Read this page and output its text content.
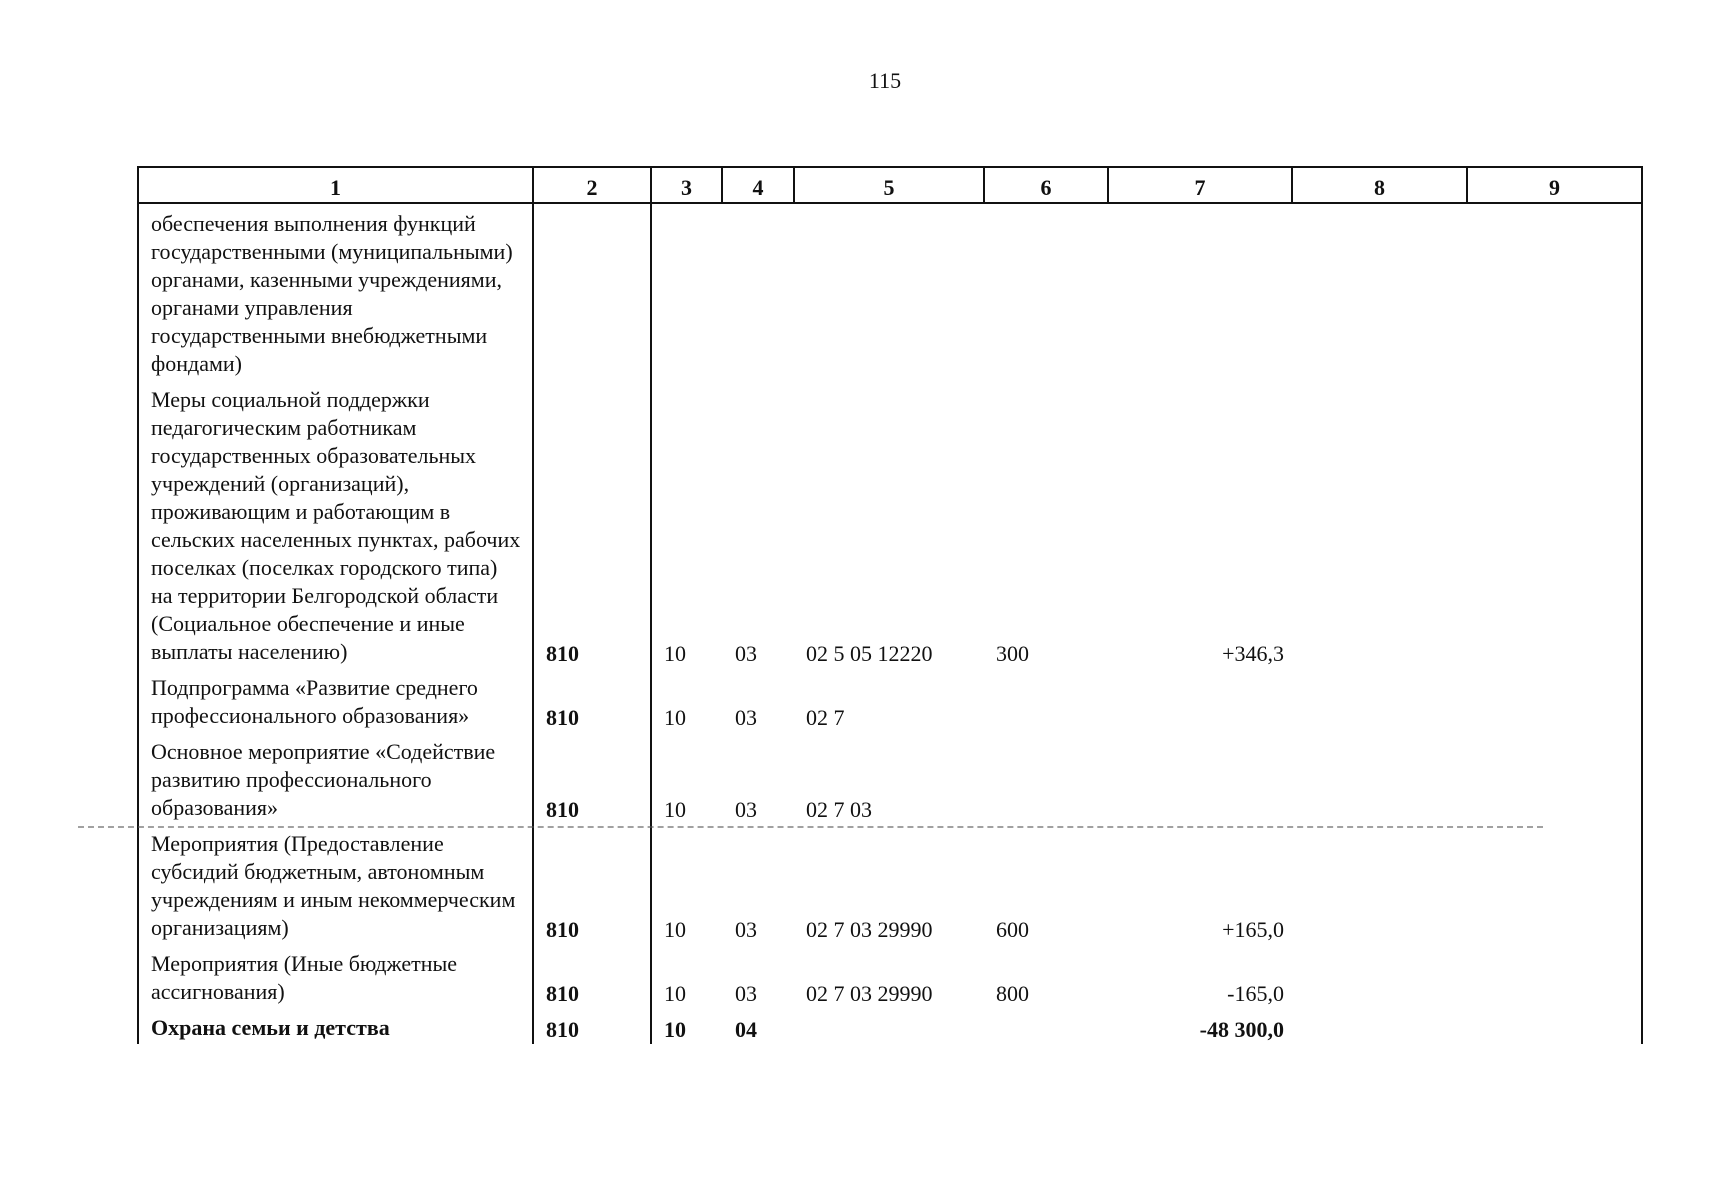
115
1	2	3	4	5	6	7	8	9
обеспечения выполнения функций государственными (муниципальными) органами, казенными учреждениями, органами управления государственными внебюджетными фондами)								
Меры социальной поддержки педагогическим работникам государственных образовательных учреждений (организаций), проживающим и работающим в сельских населенных пунктах, рабочих поселках (поселках городского типа) на территории Белгородской области (Социальное обеспечение и иные выплаты населению)	810	10	03	02 5 05 12220	300	+346,3		
Подпрограмма «Развитие среднего профессионального образования»	810	10	03	02 7				
Основное мероприятие «Содействие развитию профессионального образования»	810	10	03	02 7 03				
Мероприятия (Предоставление субсидий бюджетным, автономным учреждениям и иным некоммерческим организациям)	810	10	03	02 7 03 29990	600	+165,0		
Мероприятия (Иные бюджетные ассигнования)	810	10	03	02 7 03 29990	800	-165,0		
Охрана семьи и детства	810	10	04			-48 300,0		
